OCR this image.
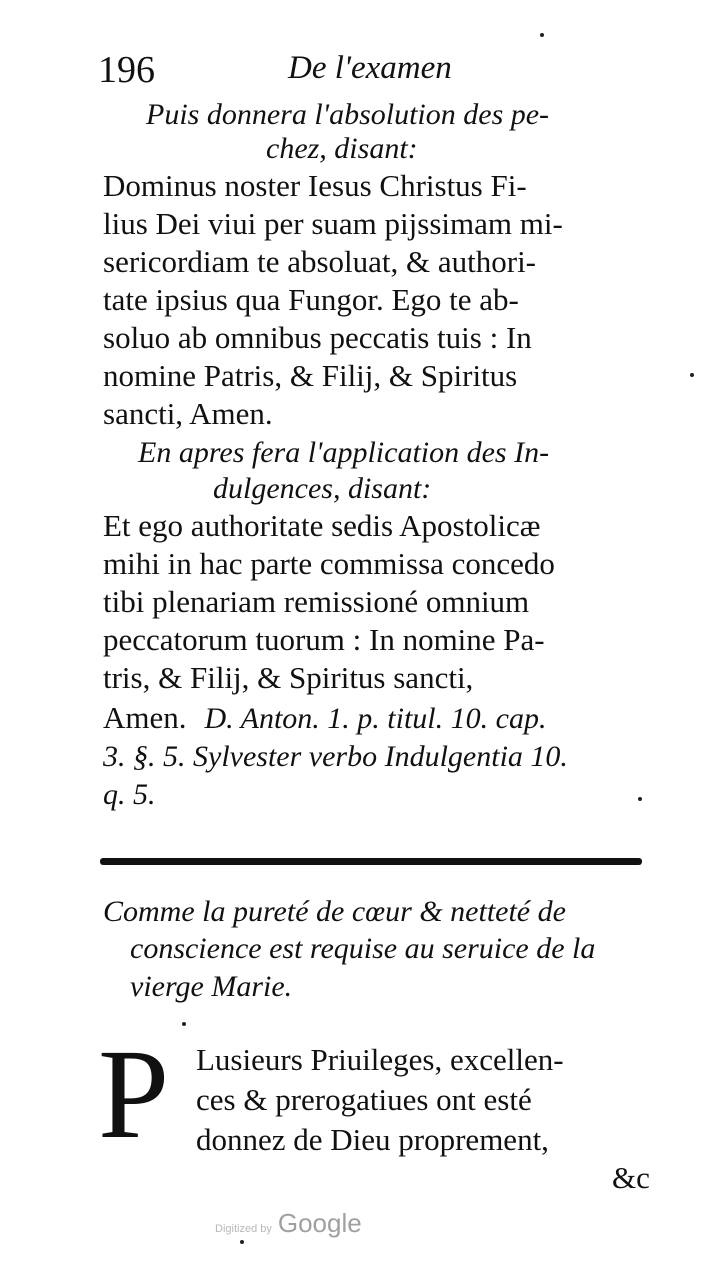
196	De l'examen
Puis donnera l'absolution des pe-
chez, disant:
Dominus noster Iesus Christus Fi-
lius Dei viui per suam pijssimam mi-
sericordiam te absoluat, & authori-
tate ipsius qua Fungor. Ego te ab-
soluo ab omnibus peccatis tuis : In
nomine Patris, & Filij, & Spiritus
sancti, Amen.
En apres fera l'application des In-
dulgences, disant:
Et ego authoritate sedis Apostolicæ
mihi in hac parte commissa concedo
tibi plenariam remissioné omnium
peccatorum tuorum : In nomine Pa-
tris, & Filij, & Spiritus sancti,
Amen. D. Anton. 1. p. titul. 10. cap.
3. §. 5. Sylvester verbo Indulgentia 10.
q. 5.
Comme la pureté de cœur & netteté de
conscience est requise au seruice de la
vierge Marie.
P Lusieurs Priuileges, excellen-
ces & prerogatiues ont esté
donnez de Dieu proprement,
&c
Digitized by Google
